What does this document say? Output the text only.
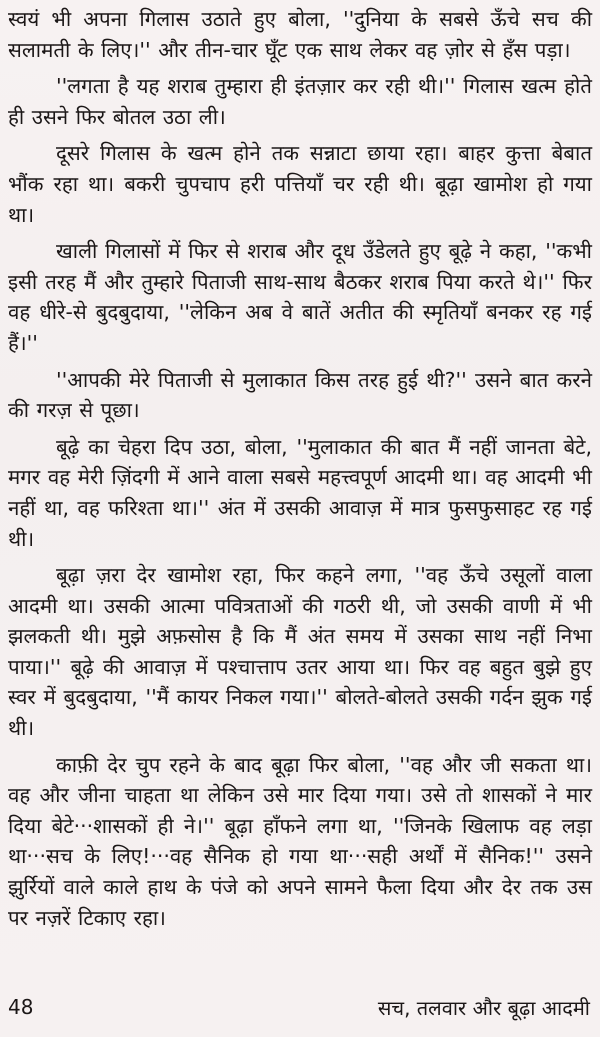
स्वयं भी अपना गिलास उठाते हुए बोला, ''दुनिया के सबसे ऊँचे सच की सलामती के लिए।'' और तीन-चार घूँट एक साथ लेकर वह ज़ोर से हँस पड़ा।

''लगता है यह शराब तुम्हारा ही इंतज़ार कर रही थी।'' गिलास खत्म होते ही उसने फिर बोतल उठा ली।

दूसरे गिलास के खत्म होने तक सन्नाटा छाया रहा। बाहर कुत्ता बेबात भौंक रहा था। बकरी चुपचाप हरी पत्तियाँ चर रही थी। बूढ़ा खामोश हो गया था।

खाली गिलासों में फिर से शराब और दूध उँडेलते हुए बूढ़े ने कहा, ''कभी इसी तरह मैं और तुम्हारे पिताजी साथ-साथ बैठकर शराब पिया करते थे।'' फिर वह धीरे-से बुदबुदाया, ''लेकिन अब वे बातें अतीत की स्मृतियाँ बनकर रह गई हैं।''

''आपकी मेरे पिताजी से मुलाकात किस तरह हुई थी?'' उसने बात करने की गरज़ से पूछा।

बूढ़े का चेहरा दिप उठा, बोला, ''मुलाकात की बात मैं नहीं जानता बेटे, मगर वह मेरी ज़िंदगी में आने वाला सबसे महत्त्वपूर्ण आदमी था। वह आदमी भी नहीं था, वह फरिश्ता था।'' अंत में उसकी आवाज़ में मात्र फुसफुसाहट रह गई थी।

बूढ़ा ज़रा देर खामोश रहा, फिर कहने लगा, ''वह ऊँचे उसूलों वाला आदमी था। उसकी आत्मा पवित्रताओं की गठरी थी, जो उसकी वाणी में भी झलकती थी। मुझे अफ़सोस है कि मैं अंत समय में उसका साथ नहीं निभा पाया।'' बूढ़े की आवाज़ में पश्चात्ताप उतर आया था। फिर वह बहुत बुझे हुए स्वर में बुदबुदाया, ''मैं कायर निकल गया।'' बोलते-बोलते उसकी गर्दन झुक गई थी।

काफ़ी देर चुप रहने के बाद बूढ़ा फिर बोला, ''वह और जी सकता था। वह और जीना चाहता था लेकिन उसे मार दिया गया। उसे तो शासकों ने मार दिया बेटे···शासकों ही ने।'' बूढ़ा हाँफने लगा था, ''जिनके खिलाफ वह लड़ा था···सच के लिए!···वह सैनिक हो गया था···सही अर्थों में सैनिक!'' उसने झुर्रियों वाले काले हाथ के पंजे को अपने सामने फैला दिया और देर तक उस पर नज़रें टिकाए रहा।

48	सच, तलवार और बूढ़ा आदमी
